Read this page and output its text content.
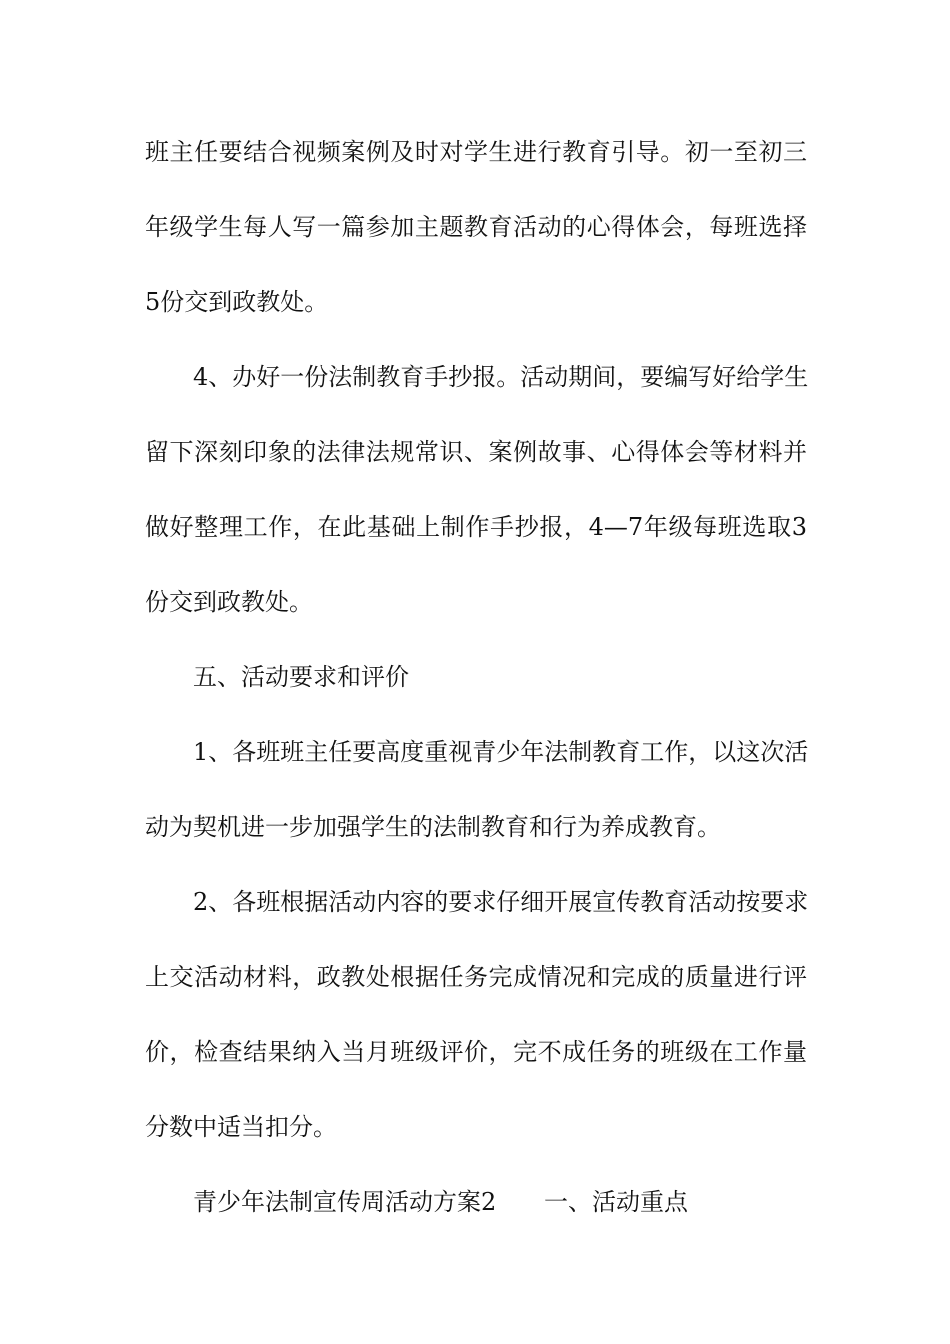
班主任要结合视频案例及时对学生进行教育引导。初一至初三
年级学生每人写一篇参加主题教育活动的心得体会，每班选择
5份交到政教处。
4、办好一份法制教育手抄报。活动期间，要编写好给学生
留下深刻印象的法律法规常识、案例故事、心得体会等材料并
做好整理工作，在此基础上制作手抄报，4—7年级每班选取3
份交到政教处。
五、活动要求和评价
1、各班班主任要高度重视青少年法制教育工作，以这次活
动为契机进一步加强学生的法制教育和行为养成教育。
2、各班根据活动内容的要求仔细开展宣传教育活动按要求
上交活动材料，政教处根据任务完成情况和完成的质量进行评
价，检查结果纳入当月班级评价，完不成任务的班级在工作量
分数中适当扣分。
青少年法制宣传周活动方案2 一、活动重点
